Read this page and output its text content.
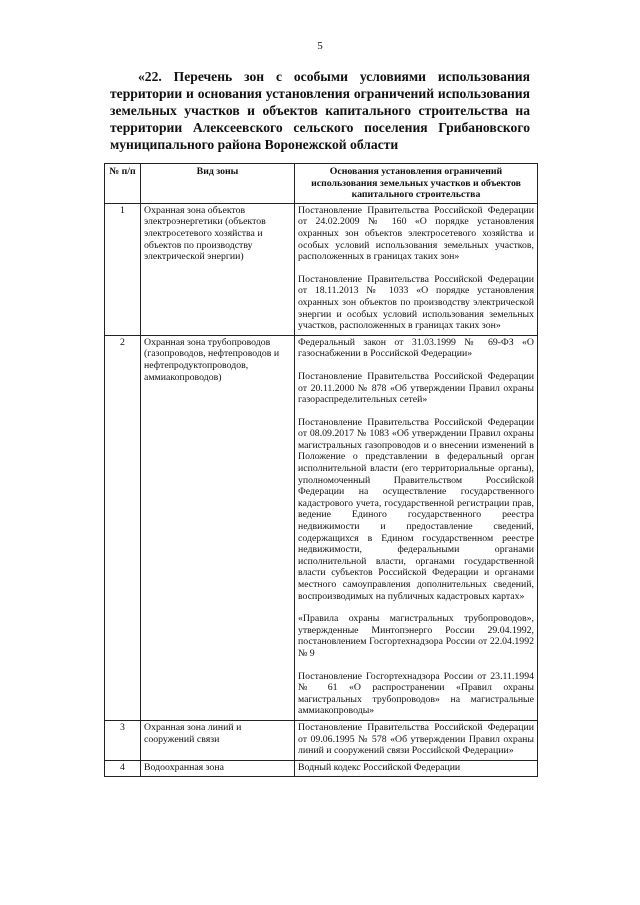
5

«22. Перечень зон с особыми условиями использования территории и основания установления ограничений использования земельных участков и объектов капитального строительства на территории Алексеевского сельского поселения Грибановского муниципального района Воронежской области

№ п/п	Вид зоны	Основания установления ограничений использования земельных участков и объектов капитального строительства
1	Охранная зона объектов электроэнергетики (объектов электросетевого хозяйства и объектов по производству электрической энергии)	Постановление Правительства Российской Федерации от 24.02.2009 № 160 «О порядке установления охранных зон объектов электросетевого хозяйства и особых условий использования земельных участков, расположенных в границах таких зон»

Постановление Правительства Российской Федерации от 18.11.2013 № 1033 «О порядке установления охранных зон объектов по производству электрической энергии и особых условий использования земельных участков, расположенных в границах таких зон»

2	Охранная зона трубопроводов (газопроводов, нефтепроводов и нефтепродуктопроводов, аммиакопроводов)	Федеральный закон от 31.03.1999 № 69-ФЗ «О газоснабжении в Российской Федерации»

Постановление Правительства Российской Федерации от 20.11.2000 № 878 «Об утверждении Правил охраны газораспределительных сетей»

Постановление Правительства Российской Федерации от 08.09.2017 № 1083 «Об утверждении Правил охраны магистральных газопроводов и о внесении изменений в Положение о представлении в федеральный орган исполнительной власти (его территориальные органы), уполномоченный Правительством Российской Федерации на осуществление государственного кадастрового учета, государственной регистрации прав, ведение Единого государственного реестра недвижимости и предоставление сведений, содержащихся в Едином государственном реестре недвижимости, федеральными органами исполнительной власти, органами государственной власти субъектов Российской Федерации и органами местного самоуправления дополнительных сведений, воспроизводимых на публичных кадастровых картах»

«Правила охраны магистральных трубопроводов», утвержденные Минтопэнерго России 29.04.1992, постановлением Госгортехнадзора России от 22.04.1992 № 9

Постановление Госгортехнадзора России от 23.11.1994 № 61 «О распространении «Правил охраны магистральных трубопроводов» на магистральные аммиакопроводы»

3	Охранная зона линий и сооружений связи	Постановление Правительства Российской Федерации от 09.06.1995 № 578 «Об утверждении Правил охраны линий и сооружений связи Российской Федерации»

4	Водоохранная зона	Водный кодекс Российской Федерации
